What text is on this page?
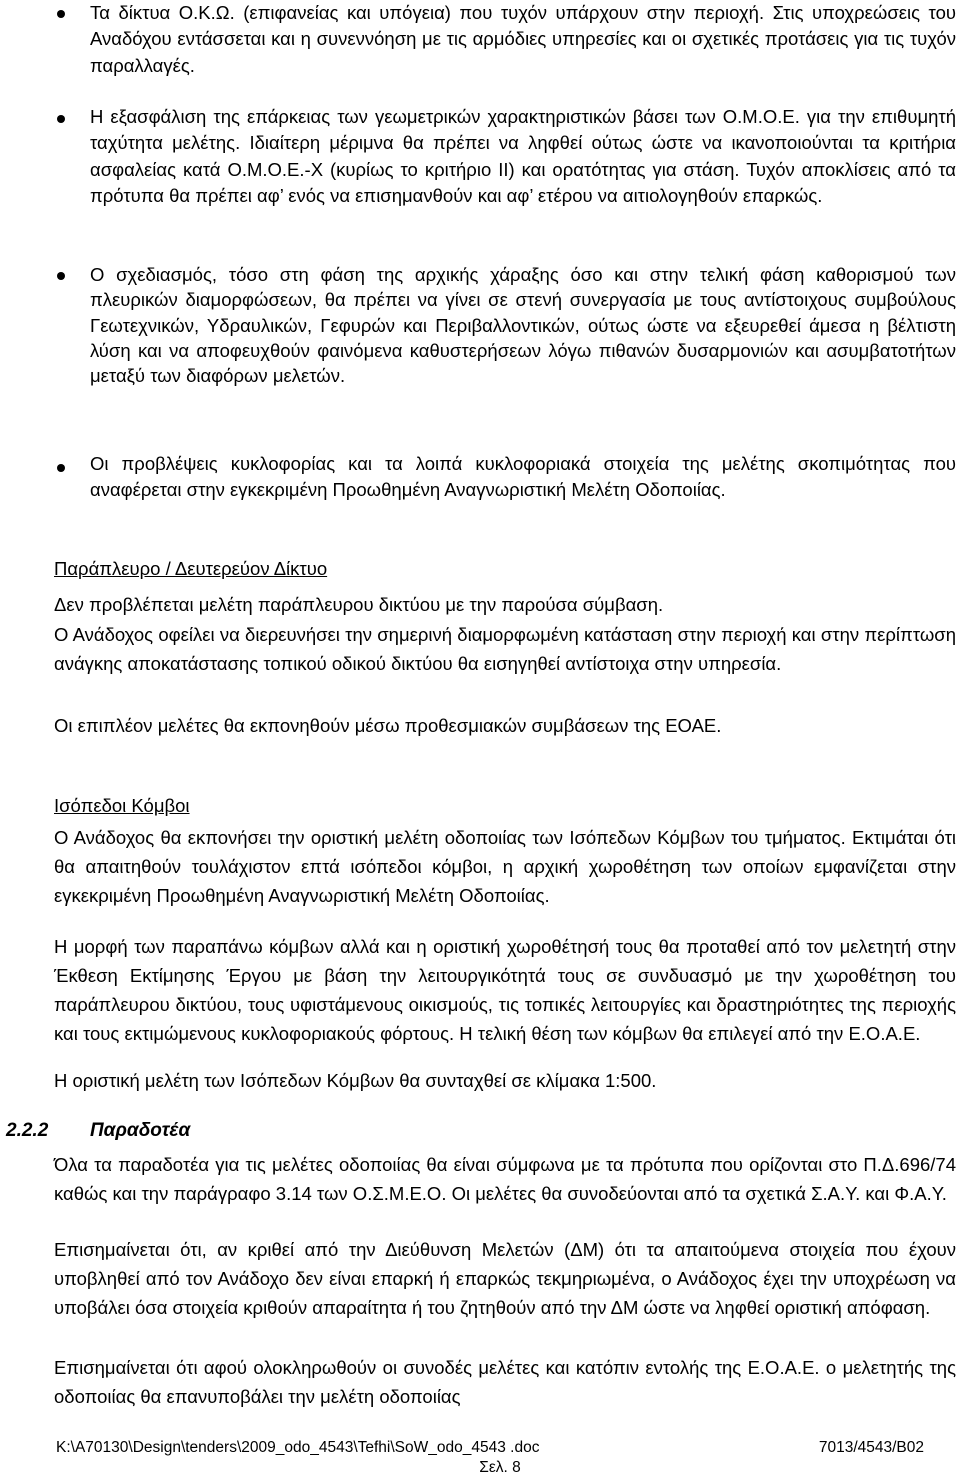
Τα δίκτυα Ο.Κ.Ω. (επιφανείας και υπόγεια) που τυχόν υπάρχουν στην περιοχή. Στις υποχρεώσεις του Αναδόχου εντάσσεται και η συνεννόηση με τις αρμόδιες υπηρεσίες και οι σχετικές προτάσεις για τις τυχόν παραλλαγές.
Η εξασφάλιση της επάρκειας των γεωμετρικών χαρακτηριστικών βάσει των Ο.Μ.Ο.Ε. για την επιθυμητή ταχύτητα μελέτης. Ιδιαίτερη μέριμνα θα πρέπει να ληφθεί ούτως ώστε να ικανοποιούνται τα κριτήρια ασφαλείας κατά Ο.Μ.Ο.Ε.-Χ (κυρίως το κριτήριο ΙΙ) και ορατότητας για στάση. Τυχόν αποκλίσεις από τα πρότυπα θα πρέπει αφ’ ενός να επισημανθούν και αφ’ ετέρου να αιτιολογηθούν επαρκώς.
Ο σχεδιασμός, τόσο στη φάση της αρχικής χάραξης όσο και στην τελική φάση καθορισμού των πλευρικών διαμορφώσεων, θα πρέπει να γίνει σε στενή συνεργασία με τους αντίστοιχους συμβούλους Γεωτεχνικών, Υδραυλικών, Γεφυρών και Περιβαλλοντικών, ούτως ώστε να εξευρεθεί άμεσα η βέλτιστη λύση και να αποφευχθούν φαινόμενα καθυστερήσεων λόγω πιθανών δυσαρμονιών και ασυμβατοτήτων μεταξύ των διαφόρων μελετών.
Οι προβλέψεις κυκλοφορίας και τα λοιπά κυκλοφοριακά στοιχεία της μελέτης σκοπιμότητας που αναφέρεται στην εγκεκριμένη Προωθημένη Αναγνωριστική Μελέτη Οδοποιίας.
Παράπλευρο / Δευτερεύον Δίκτυο
Δεν προβλέπεται μελέτη παράπλευρου δικτύου με την παρούσα σύμβαση.
Ο Ανάδοχος οφείλει να διερευνήσει την σημερινή διαμορφωμένη κατάσταση στην περιοχή και στην περίπτωση ανάγκης αποκατάστασης τοπικού οδικού δικτύου θα εισηγηθεί αντίστοιχα στην υπηρεσία.
Οι επιπλέον μελέτες θα εκπονηθούν μέσω προθεσμιακών συμβάσεων της ΕΟΑΕ.
Ισόπεδοι Κόμβοι
Ο Ανάδοχος θα εκπονήσει την οριστική μελέτη οδοποιίας των Ισόπεδων Κόμβων του τμήματος. Εκτιμάται ότι θα απαιτηθούν τουλάχιστον επτά ισόπεδοι κόμβοι, η αρχική χωροθέτηση των οποίων εμφανίζεται στην εγκεκριμένη Προωθημένη Αναγνωριστική Μελέτη Οδοποιίας.
Η μορφή των παραπάνω κόμβων αλλά και η οριστική χωροθέτησή τους θα προταθεί από τον μελετητή στην Έκθεση Εκτίμησης Έργου με βάση την λειτουργικότητά τους σε συνδυασμό με την χωροθέτηση του παράπλευρου δικτύου, τους υφιστάμενους οικισμούς, τις τοπικές λειτουργίες και δραστηριότητες της περιοχής και τους εκτιμώμενους κυκλοφοριακούς φόρτους. Η τελική θέση των κόμβων θα επιλεγεί από την Ε.Ο.Α.Ε.
Η οριστική μελέτη των Ισόπεδων Κόμβων θα συνταχθεί σε κλίμακα 1:500.
2.2.2 Παραδοτέα
Όλα τα παραδοτέα για τις μελέτες οδοποιίας θα είναι σύμφωνα με τα πρότυπα που ορίζονται στο Π.Δ.696/74 καθώς και την παράγραφο 3.14 των Ο.Σ.Μ.Ε.Ο. Οι μελέτες θα συνοδεύονται από τα σχετικά Σ.Α.Υ. και Φ.Α.Υ.
Επισημαίνεται ότι, αν κριθεί από την Διεύθυνση Μελετών (ΔΜ) ότι τα απαιτούμενα στοιχεία που έχουν υποβληθεί από τον Ανάδοχο δεν είναι επαρκή ή επαρκώς τεκμηριωμένα, ο Ανάδοχος έχει την υποχρέωση να υποβάλει όσα στοιχεία κριθούν απαραίτητα ή του ζητηθούν από την ΔΜ ώστε να ληφθεί οριστική απόφαση.
Επισημαίνεται ότι αφού ολοκληρωθούν οι συνοδές μελέτες και κατόπιν εντολής της Ε.Ο.Α.Ε. ο μελετητής της οδοποιίας θα επανυποβάλει την μελέτη οδοποιίας
K:\A70130\Design\tenders\2009_odo_4543\Tefhi\SoW_odo_4543 .doc	7013/4543/Β02
Σελ. 8
